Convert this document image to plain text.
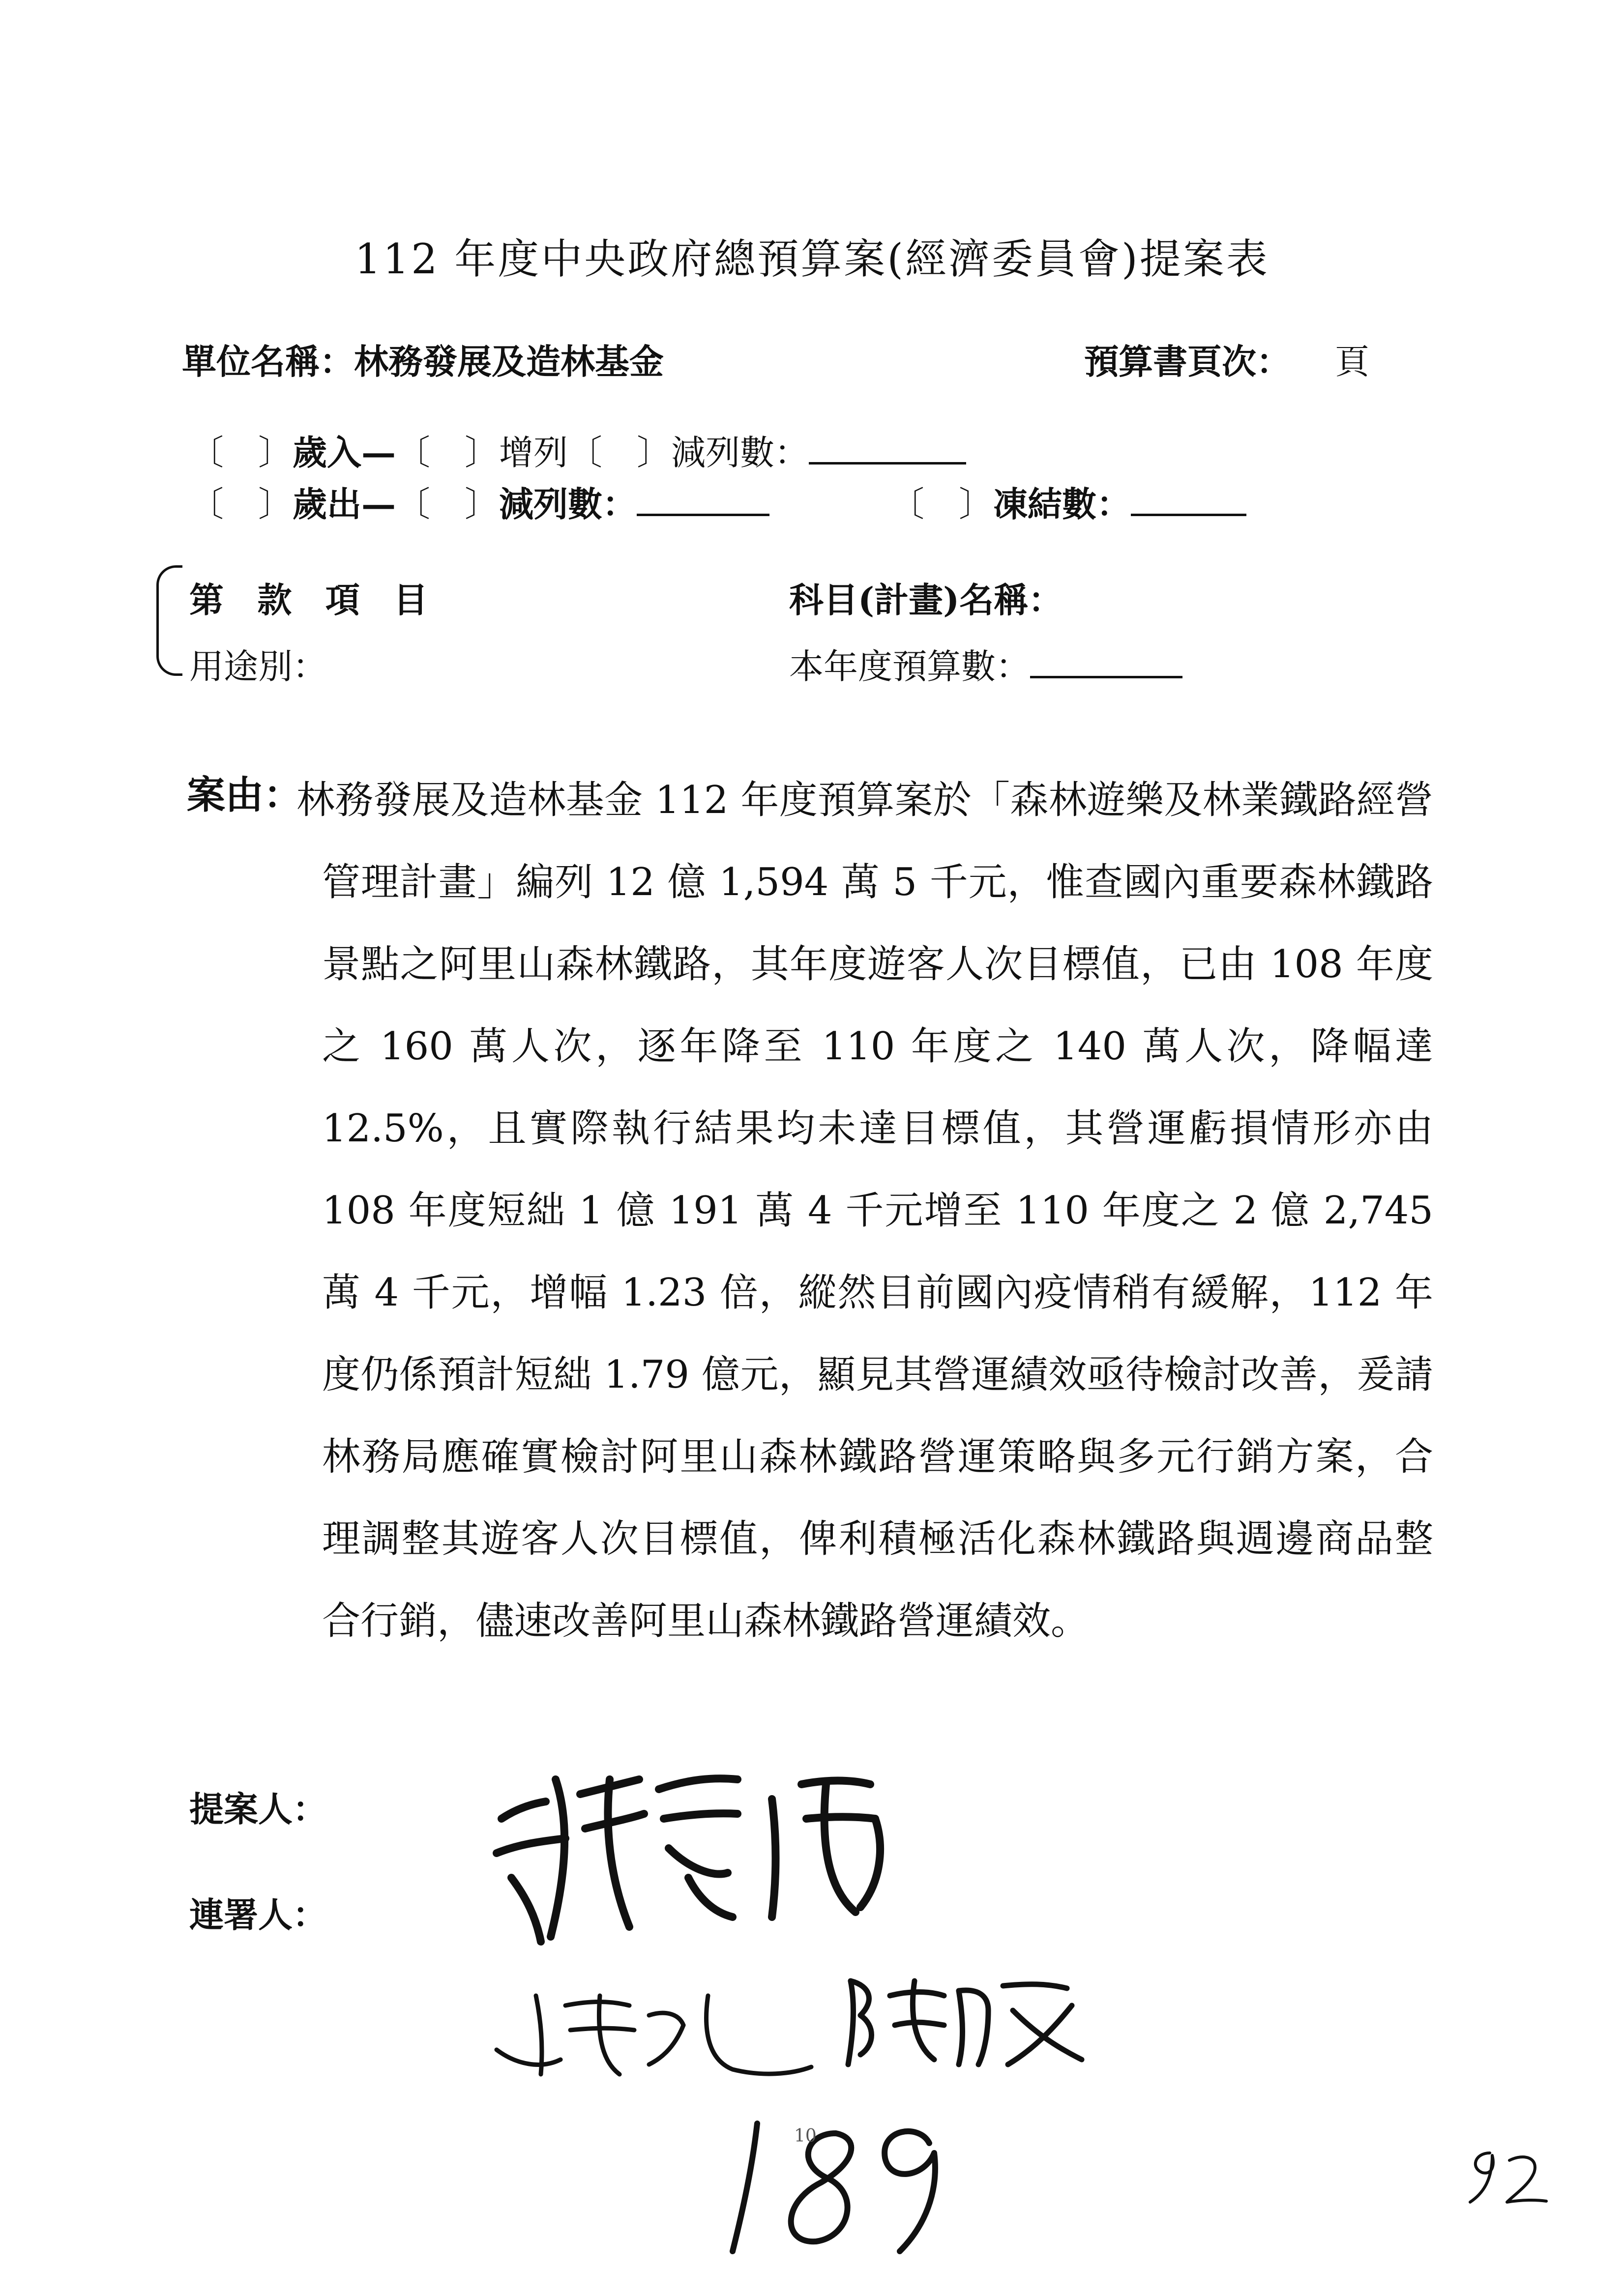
112 年度中央政府總預算案(經濟委員會)提案表
單位名稱：林務發展及造林基金	預算書頁次： 頁
〔　〕歲入—〔　〕增列〔　〕減列數：
〔　〕歲出—〔　〕減列數：	〔　〕凍結數：
第 款 項 目
用途別：
科目(計畫)名稱：
本年度預算數：
案由：
林務發展及造林基金 112 年度預算案於「森林遊樂及林業鐵路經營管理計畫」編列 12 億 1,594 萬 5 千元，惟查國內重要森林鐵路景點之阿里山森林鐵路，其年度遊客人次目標值，已由 108 年度之 160 萬人次，逐年降至 110 年度之 140 萬人次，降幅達 12.5%，且實際執行結果均未達目標值，其營運虧損情形亦由 108 年度短絀 1 億 191 萬 4 千元增至 110 年度之 2 億 2,745 萬 4 千元，增幅 1.23 倍，縱然目前國內疫情稍有緩解，112 年度仍係預計短絀 1.79 億元，顯見其營運績效亟待檢討改善，爰請林務局應確實檢討阿里山森林鐵路營運策略與多元行銷方案，合理調整其遊客人次目標值，俾利積極活化森林鐵路與週邊商品整合行銷，儘速改善阿里山森林鐵路營運績效。
提案人：
連署人：
10
